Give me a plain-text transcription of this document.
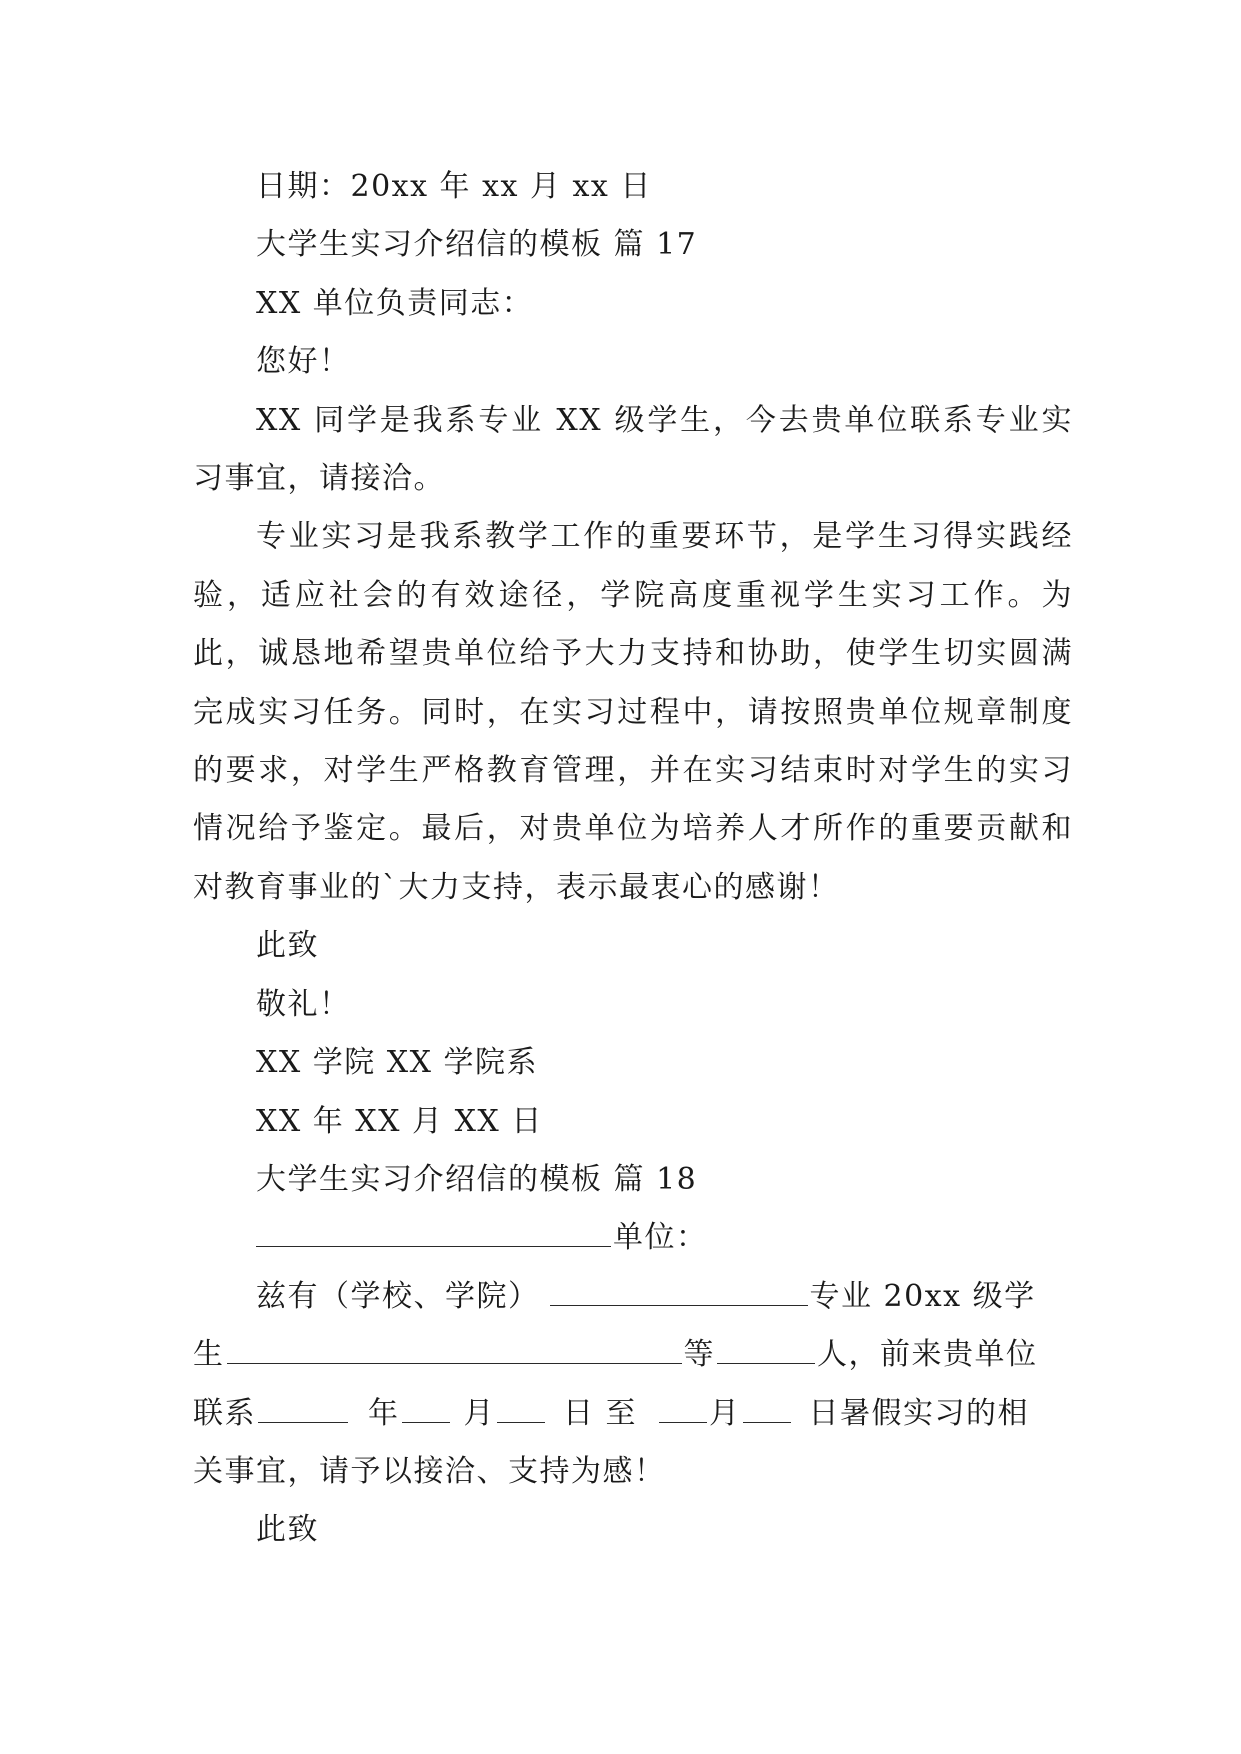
日期：20xx 年 xx 月 xx 日

大学生实习介绍信的模板 篇 17

XX 单位负责同志：

您好！

XX 同学是我系专业 XX 级学生，今去贵单位联系专业实习事宜，请接洽。

专业实习是我系教学工作的重要环节，是学生习得实践经验，适应社会的有效途径，学院高度重视学生实习工作。为此，诚恳地希望贵单位给予大力支持和协助，使学生切实圆满完成实习任务。同时，在实习过程中，请按照贵单位规章制度的要求，对学生严格教育管理，并在实习结束时对学生的实习情况给予鉴定。最后，对贵单位为培养人才所作的重要贡献和对教育事业的`大力支持，表示最衷心的感谢！

此致

敬礼！

XX 学院 XX 学院系

XX 年 XX 月 XX 日

大学生实习介绍信的模板 篇 18

单位：

兹有（学校、学院）	专业 20xx 级学

生	等	人，前来贵单位

联系	年 月 日 至 月 日暑假实习的相

关事宜，请予以接洽、支持为感！

此致
